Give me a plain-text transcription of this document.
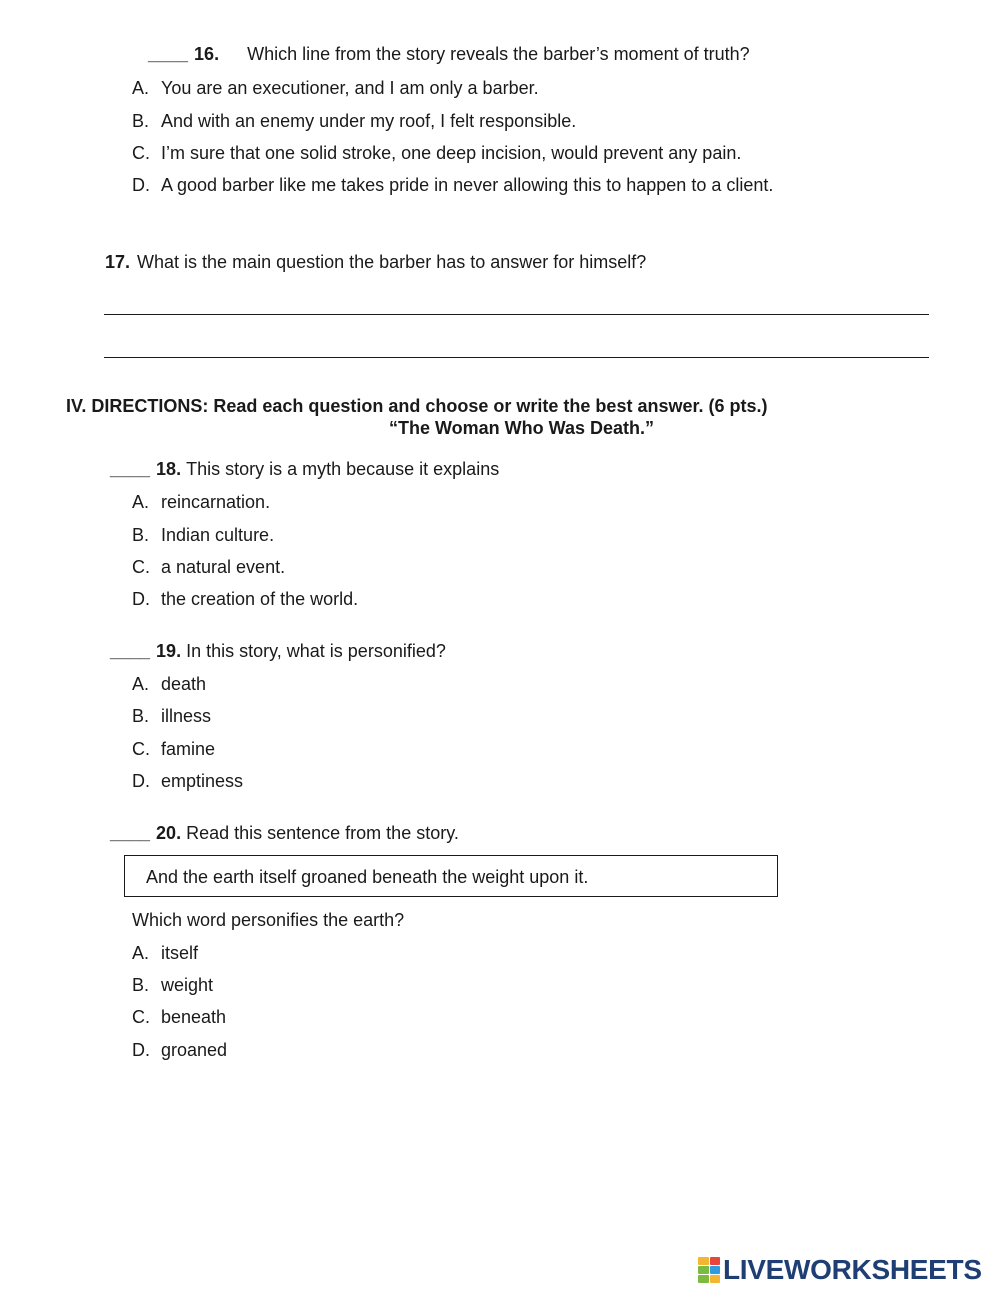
____ 16. Which line from the story reveals the barber’s moment of truth?
A. You are an executioner, and I am only a barber.
B. And with an enemy under my roof, I felt responsible.
C. I’m sure that one solid stroke, one deep incision, would prevent any pain.
D. A good barber like me takes pride in never allowing this to happen to a client.
17. What is the main question the barber has to answer for himself?
IV. DIRECTIONS: Read each question and choose or write the best answer. (6 pts.)
“The Woman Who Was Death.”
____ 18. This story is a myth because it explains
A. reincarnation.
B. Indian culture.
C. a natural event.
D. the creation of the world.
____ 19. In this story, what is personified?
A. death
B. illness
C. famine
D. emptiness
____ 20. Read this sentence from the story.
And the earth itself groaned beneath the weight upon it.
Which word personifies the earth?
A. itself
B. weight
C. beneath
D. groaned
LIVEWORKSHEETS
